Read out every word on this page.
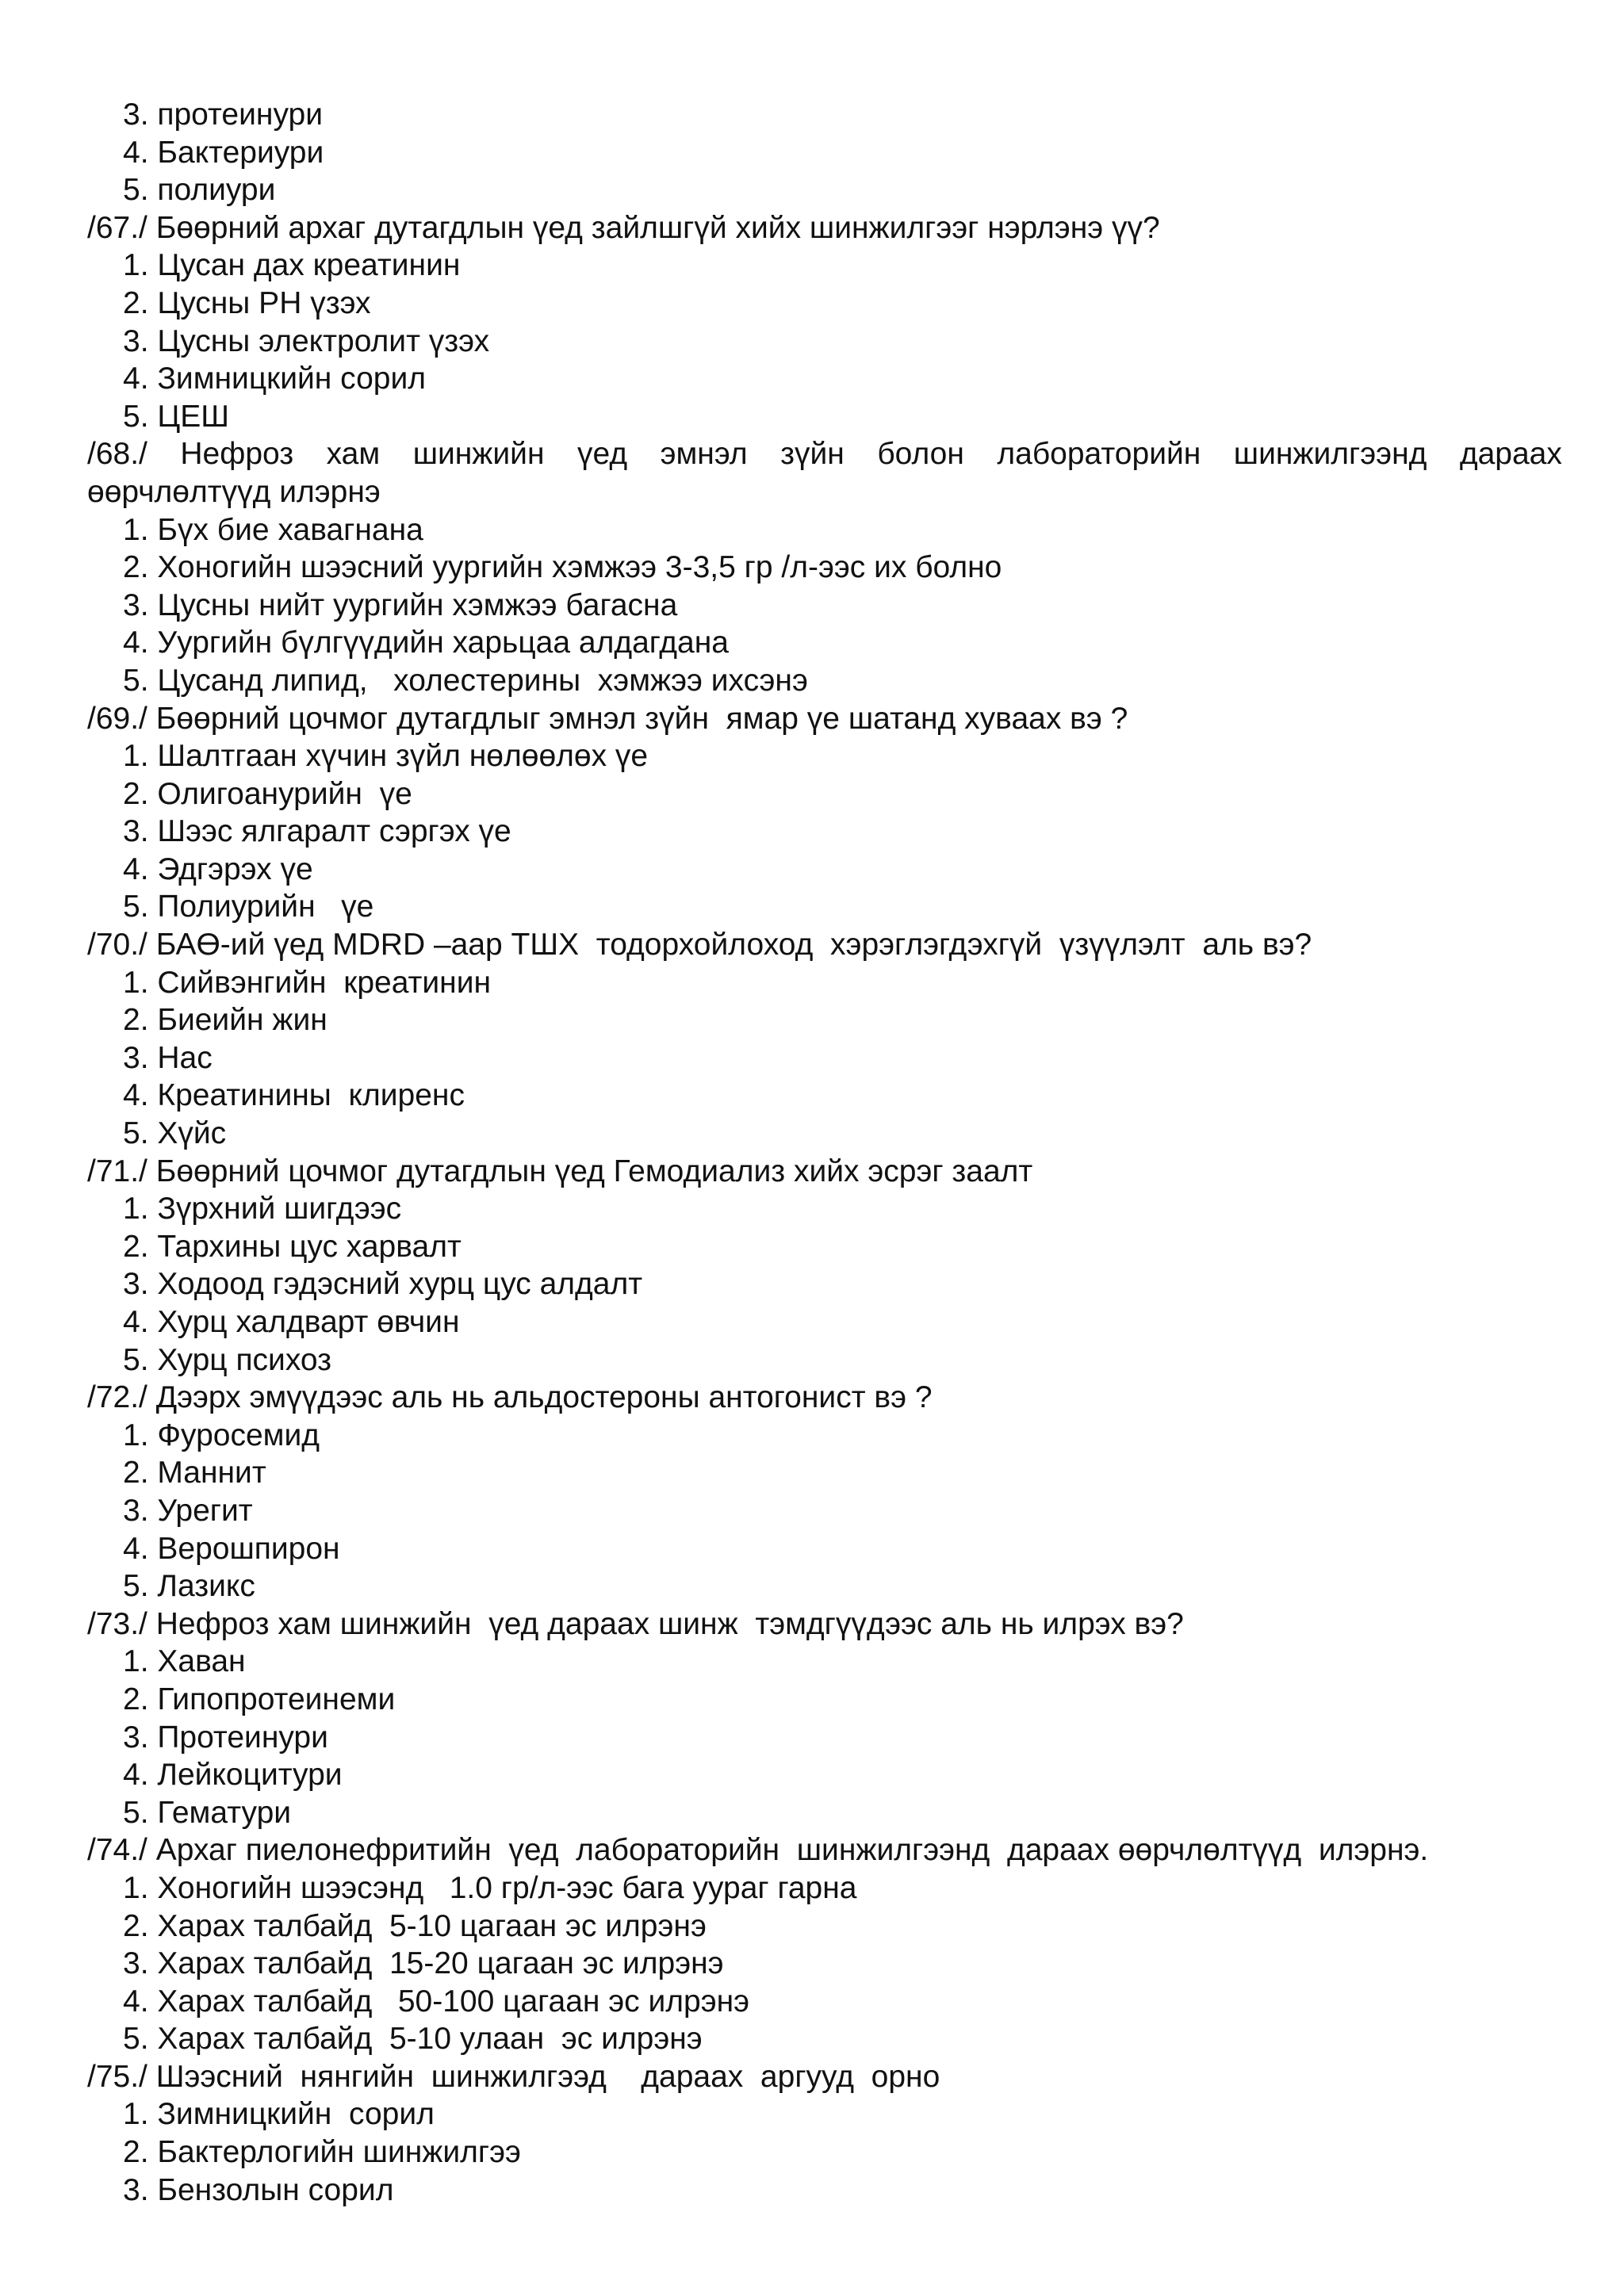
3. протеинури
4. Бактериури
5. полиури
/67./ Бөөрний архаг дутагдлын үед зайлшгүй хийх шинжилгээг нэрлэнэ үү?
1. Цусан дах креатинин
2. Цусны PH үзэх
3. Цусны электролит үзэх
4. Зимницкийн сорил
5. ЦЕШ
/68./ Нефроз хам шинжийн үед эмнэл зүйн болон лабораторийн шинжилгээнд дараах
өөрчлөлтүүд илэрнэ
1. Бүх бие хавагнана
2. Хоногийн шээсний уургийн хэмжээ 3-3,5 гр /л-ээс их болно
3. Цусны нийт уургийн хэмжээ багасна
4. Уургийн бүлгүүдийн харьцаа алдагдана
5. Цусанд липид,   холестерины  хэмжээ ихсэнэ
/69./ Бөөрний цочмог дутагдлыг эмнэл зүйн  ямар үе шатанд хуваах вэ ?
1. Шалтгаан хүчин зүйл нөлөөлөх үе
2. Олигоанурийн  үе
3. Шээс ялгаралт сэргэх үе
4. Эдгэрэх үе
5. Полиурийн   үе
/70./ БАӨ-ий үед MDRD –аар ТШХ  тодорхойлоход  хэрэглэгдэхгүй  үзүүлэлт  аль вэ?
1. Сийвэнгийн  креатинин
2. Биеийн жин
3. Нас
4. Креатинины  клиренс
5. Хүйс
/71./ Бөөрний цочмог дутагдлын үед Гемодиализ хийх эсрэг заалт
1. Зүрхний шигдээс
2. Тархины цус харвалт
3. Ходоод гэдэсний хурц цус алдалт
4. Хурц халдварт өвчин
5. Хурц психоз
/72./ Дээрх эмүүдээс аль нь альдостероны антогонист вэ ?
1. Фуросемид
2. Маннит
3. Урегит
4. Верошпирон
5. Лазикс
/73./ Нефроз хам шинжийн  үед дараах шинж  тэмдгүүдээс аль нь илрэх вэ?
1. Хаван
2. Гипопротеинеми
3. Протеинури
4. Лейкоцитури
5. Гематури
/74./ Архаг пиелонефритийн  үед  лабораторийн  шинжилгээнд  дараах өөрчлөлтүүд  илэрнэ.
1. Хоногийн шээсэнд   1.0 гр/л-ээс бага уураг гарна
2. Харах талбайд  5-10 цагаан эс илрэнэ
3. Харах талбайд  15-20 цагаан эс илрэнэ
4. Харах талбайд   50-100 цагаан эс илрэнэ
5. Харах талбайд  5-10 улаан  эс илрэнэ
/75./ Шээсний  нянгийн  шинжилгээд    дараах  аргууд  орно
1. Зимницкийн  сорил
2. Бактерлогийн шинжилгээ
3. Бензолын сорил
